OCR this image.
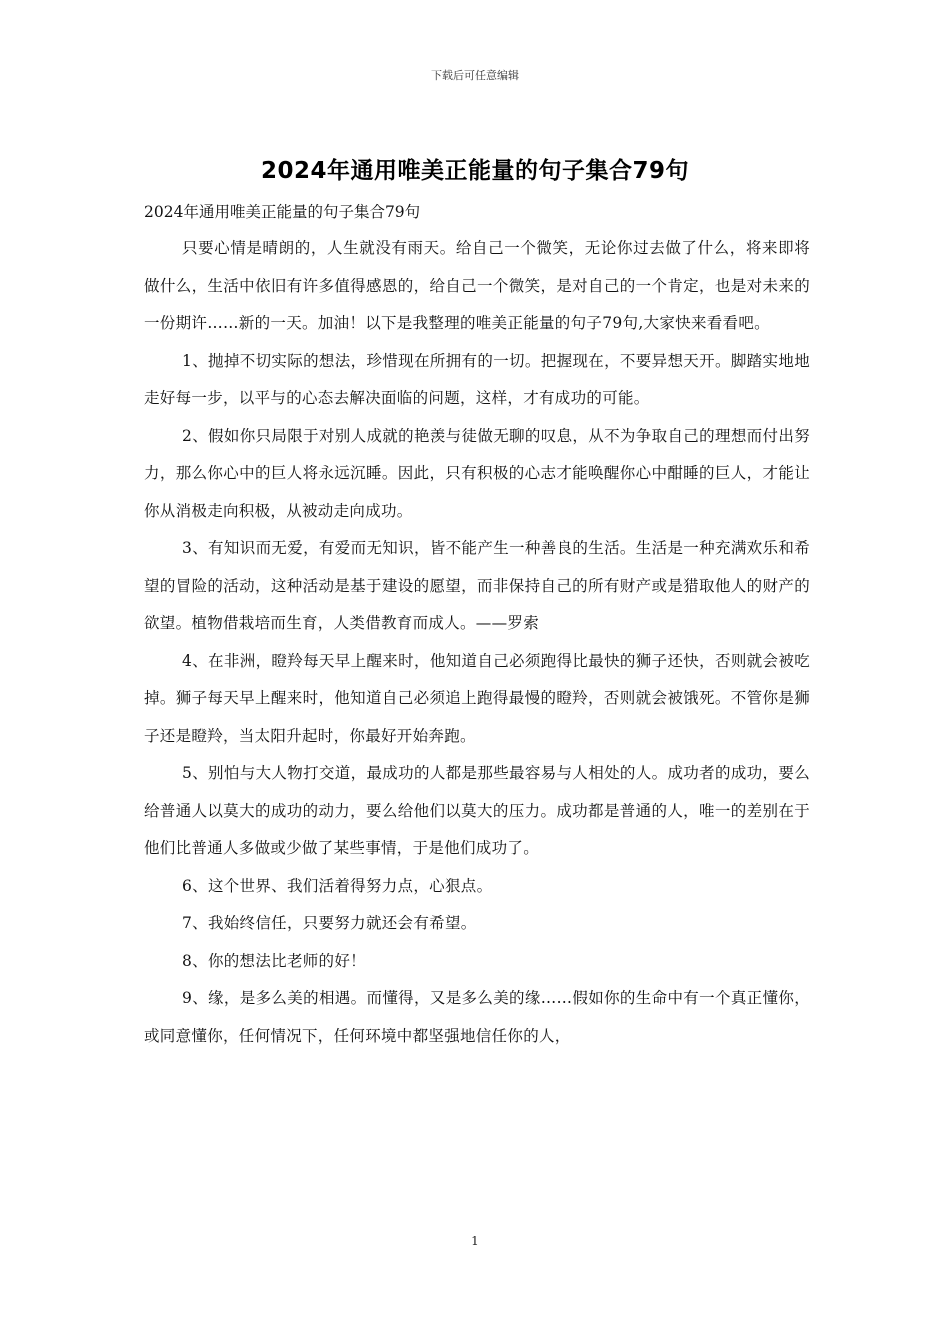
下载后可任意编辑
2024年通用唯美正能量的句子集合79句

2024年通用唯美正能量的句子集合79句

只要心情是晴朗的，人生就没有雨天。给自己一个微笑，无论你过去做了什么，将来即将做什么，生活中依旧有许多值得感恩的，给自己一个微笑，是对自己的一个肯定，也是对未来的一份期许……新的一天。加油！以下是我整理的唯美正能量的句子79句,大家快来看看吧。

1、抛掉不切实际的想法，珍惜现在所拥有的一切。把握现在，不要异想天开。脚踏实地地走好每一步，以平与的心态去解决面临的问题，这样，才有成功的可能。

2、假如你只局限于对别人成就的艳羡与徒做无聊的叹息，从不为争取自己的理想而付出努力，那么你心中的巨人将永远沉睡。因此，只有积极的心志才能唤醒你心中酣睡的巨人，才能让你从消极走向积极，从被动走向成功。

3、有知识而无爱，有爱而无知识，皆不能产生一种善良的生活。生活是一种充满欢乐和希望的冒险的活动，这种活动是基于建设的愿望，而非保持自己的所有财产或是猎取他人的财产的欲望。植物借栽培而生育，人类借教育而成人。——罗索

4、在非洲，瞪羚每天早上醒来时，他知道自己必须跑得比最快的狮子还快，否则就会被吃掉。狮子每天早上醒来时，他知道自己必须追上跑得最慢的瞪羚，否则就会被饿死。不管你是狮子还是瞪羚，当太阳升起时，你最好开始奔跑。

5、别怕与大人物打交道，最成功的人都是那些最容易与人相处的人。成功者的成功，要么给普通人以莫大的成功的动力，要么给他们以莫大的压力。成功都是普通的人，唯一的差别在于他们比普通人多做或少做了某些事情，于是他们成功了。

6、这个世界、我们活着得努力点，心狠点。

7、我始终信任，只要努力就还会有希望。

8、你的想法比老师的好！

9、缘，是多么美的相遇。而懂得，又是多么美的缘……假如你的生命中有一个真正懂你，或同意懂你，任何情况下，任何环境中都坚强地信任你的人，

1
